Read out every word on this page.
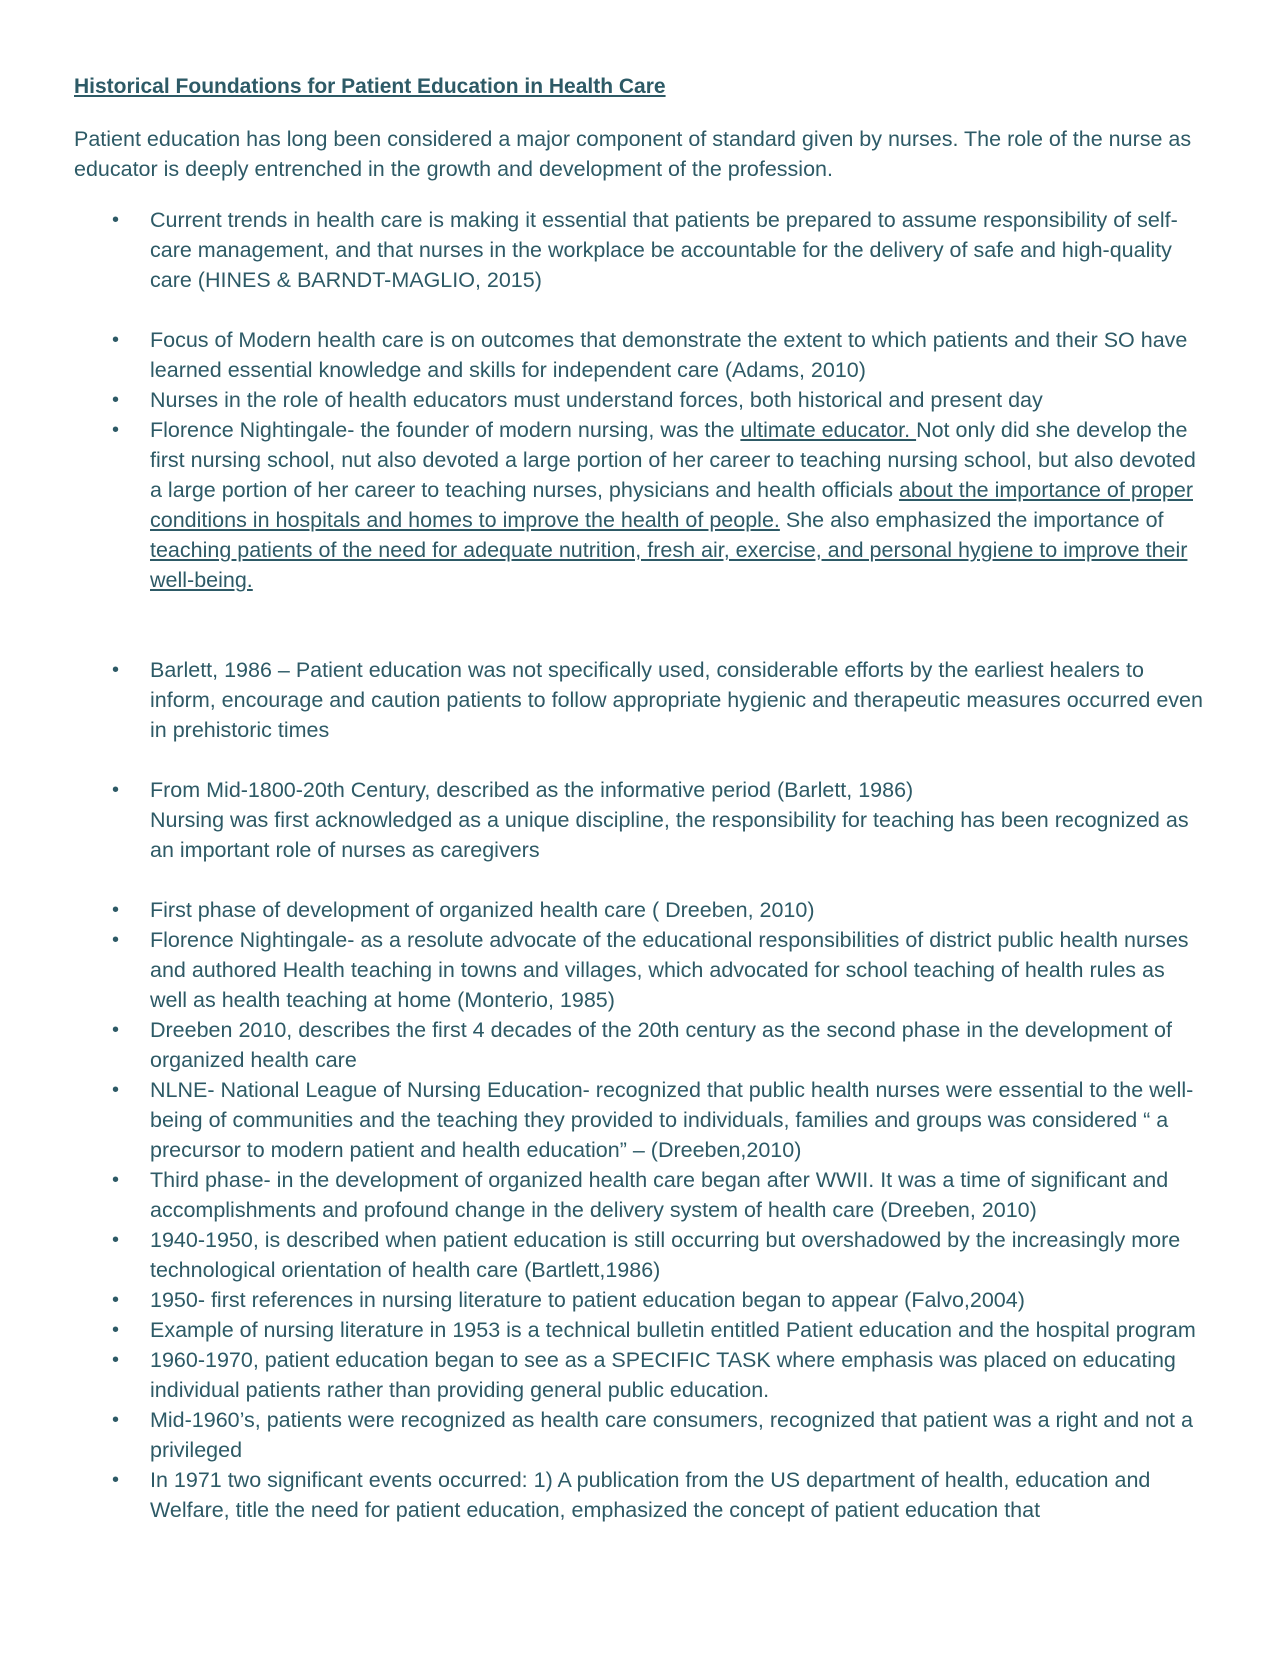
Historical Foundations for Patient Education in Health Care

Patient education has long been considered a major component of standard given by nurses. The role of the nurse as educator is deeply entrenched in the growth and development of the profession.

• Current trends in health care is making it essential that patients be prepared to assume responsibility of self-care management, and that nurses in the workplace be accountable for the delivery of safe and high-quality care (HINES & BARNDT-MAGLIO, 2015)
• Focus of Modern health care is on outcomes that demonstrate the extent to which patients and their SO have learned essential knowledge and skills for independent care (Adams, 2010)
• Nurses in the role of health educators must understand forces, both historical and present day
• Florence Nightingale- the founder of modern nursing, was the ultimate educator. Not only did she develop the first nursing school, nut also devoted a large portion of her career to teaching nursing school, but also devoted a large portion of her career to teaching nurses, physicians and health officials about the importance of proper conditions in hospitals and homes to improve the health of people. She also emphasized the importance of teaching patients of the need for adequate nutrition, fresh air, exercise, and personal hygiene to improve their well-being.
• Barlett, 1986 – Patient education was not specifically used, considerable efforts by the earliest healers to inform, encourage and caution patients to follow appropriate hygienic and therapeutic measures occurred even in prehistoric times
• From Mid-1800-20th Century, described as the informative period (Barlett, 1986)
Nursing was first acknowledged as a unique discipline, the responsibility for teaching has been recognized as an important role of nurses as caregivers
• First phase of development of organized health care ( Dreeben, 2010)
• Florence Nightingale- as a resolute advocate of the educational responsibilities of district public health nurses and authored Health teaching in towns and villages, which advocated for school teaching of health rules as well as health teaching at home (Monterio, 1985)
• Dreeben 2010, describes the first 4 decades of the 20th century as the second phase in the development of organized health care
• NLNE- National League of Nursing Education- recognized that public health nurses were essential to the well-being of communities and the teaching they provided to individuals, families and groups was considered “ a precursor to modern patient and health education” – (Dreeben,2010)
• Third phase- in the development of organized health care began after WWII. It was a time of significant and accomplishments and profound change in the delivery system of health care (Dreeben, 2010)
• 1940-1950, is described when patient education is still occurring but overshadowed by the increasingly more technological orientation of health care (Bartlett,1986)
• 1950- first references in nursing literature to patient education began to appear (Falvo,2004)
• Example of nursing literature in 1953 is a technical bulletin entitled Patient education and the hospital program
• 1960-1970, patient education began to see as a SPECIFIC TASK where emphasis was placed on educating individual patients rather than providing general public education.
• Mid-1960’s, patients were recognized as health care consumers, recognized that patient was a right and not a privileged
• In 1971 two significant events occurred: 1) A publication from the US department of health, education and Welfare, title the need for patient education, emphasized the concept of patient education that
